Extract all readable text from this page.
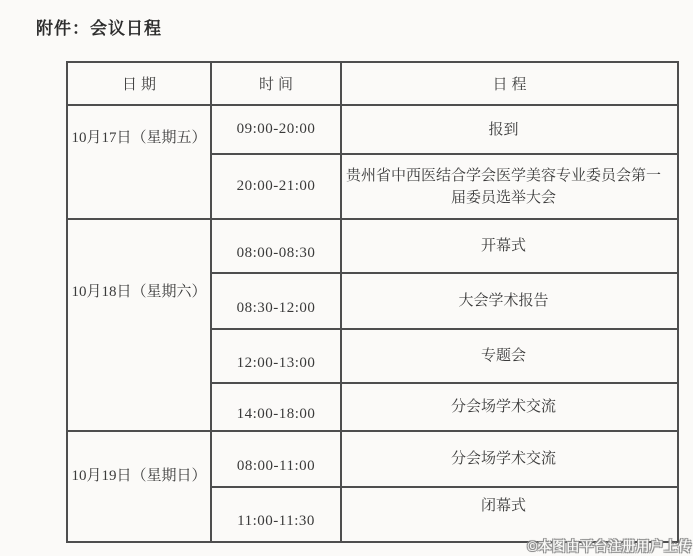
附件：会议日程
日期	时间	日程

10月17日（星期五）	09:00-20:00	报到
	20:00-21:00	贵州省中西医结合学会医学美容专业委员会第一届委员选举大会

10月18日（星期六）	08:00-08:30	开幕式
	08:30-12:00	大会学术报告
	12:00-13:00	专题会
	14:00-18:00	分会场学术交流

10月19日（星期日）	08:00-11:00	分会场学术交流
	11:00-11:30	闭幕式
©本图由平台注册用户上传
